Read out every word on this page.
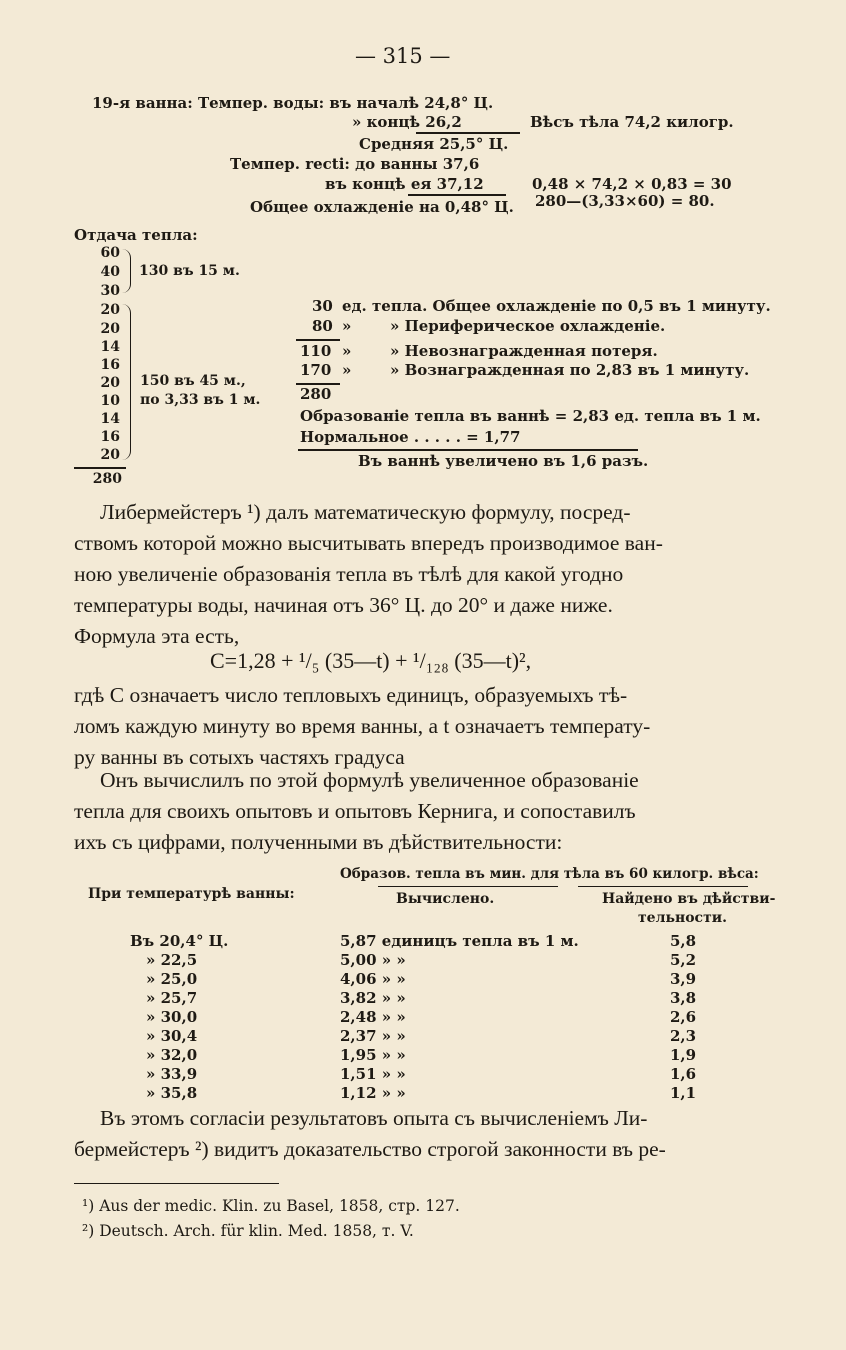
— 315 —
19-я ванна: Темпер. воды: въ началѣ 24,8° Ц.
» концѣ 26,2	Вѣсъ тѣла 74,2 килогр.
Средняя 25,5° Ц.
Темпер. rectі: до ванны 37,6
въ концѣ ея 37,12	0,48 × 74,2 × 0,83 = 30
Общее охлажденіе на 0,48° Ц. 280—(3,33×60) = 80.
Отдача тепла:
60
40
30
20
20
14
16
20
10
14
16
20
280
130 въ 15 м.
150 въ 45 м.,
по 3,33 въ 1 м.
30 ед. тепла. Общее охлажденіе по 0,5 въ 1 минуту.
80 »	» Периферическое охлажденіе.
110 »	» Невознагражденная потеря.
170 »	» Вознагражденная по 2,83 въ 1 минуту.
280
Образованіе тепла въ ваннѣ = 2,83 ед. тепла въ 1 м.
Нормальное . . . . . = 1,77
Въ ваннѣ увеличено въ 1,6 разъ.
Либермейстеръ ¹) далъ математическую формулу, посред-
ствомъ которой можно высчитывать впередъ производимое ван-
ною увеличеніе образованія тепла въ тѣлѣ для какой угодно
температуры воды, начиная отъ 36° Ц. до 20° и даже ниже.
Формула эта есть,
C=1,28 + ¹/₅ (35—t) + ¹/₁₂₈ (35—t)²,
гдѣ C означаетъ число тепловыхъ единицъ, образуемыхъ тѣ-
ломъ каждую минуту во время ванны, а t означаетъ температу-
ру ванны въ сотыхъ частяхъ градуса
Онъ вычислилъ по этой формулѣ увеличенное образованіе
тепла для своихъ опытовъ и опытовъ Кернига, и сопоставилъ
ихъ съ цифрами, полученными въ дѣйствительности:
Образов. тепла въ мин. для тѣла въ 60 килогр. вѣса:
При температурѣ ванны:	Вычислено.	Найдено въ дѣйстви-
тельности.
Въ 20,4° Ц.	5,87 единицъ тепла въ 1 м.	5,8
» 22,5	5,00 » »	5,2
» 25,0	4,06 » »	3,9
» 25,7	3,82 » »	3,8
» 30,0	2,48 » »	2,6
» 30,4	2,37 » »	2,3
» 32,0	1,95 » »	1,9
» 33,9	1,51 » »	1,6
» 35,8	1,12 » »	1,1
Въ этомъ согласіи результатовъ опыта съ вычисленіемъ Ли-
бермейстеръ ²) видитъ доказательство строгой законности въ ре-
¹) Aus der medic. Klin. zu Basel, 1858, стр. 127.
²) Deutsch. Arch. für klin. Med. 1858, т. V.
